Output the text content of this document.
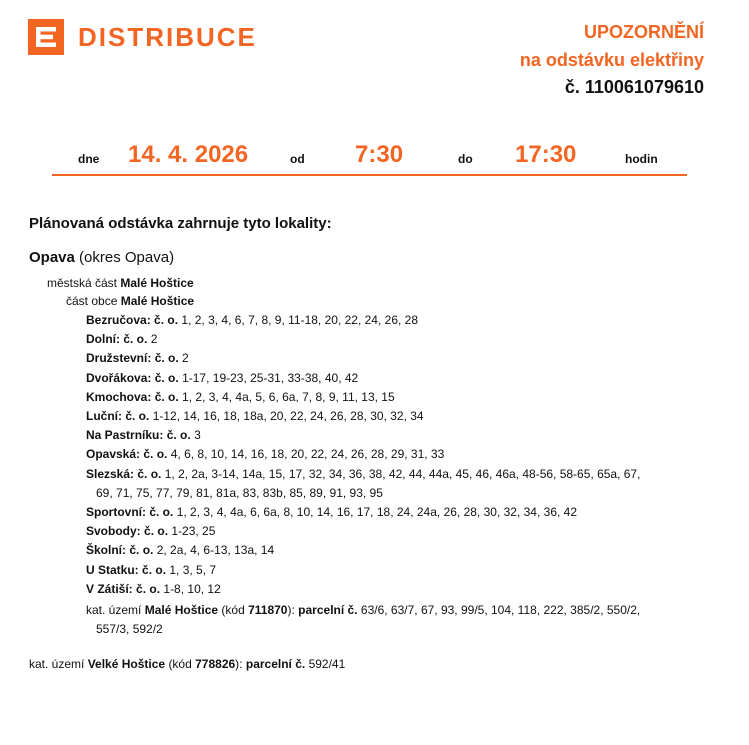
DISTRIBUCE	UPOZORNĚNÍ
na odstávku elektřiny
č. 110061079610
dne 14. 4. 2026	od 7:30	do 17:30	hodin
Plánovaná odstávka zahrnuje tyto lokality:
Opava (okres Opava)
městská část Malé Hoštice
část obce Malé Hoštice
Bezručova: č. o. 1, 2, 3, 4, 6, 7, 8, 9, 11-18, 20, 22, 24, 26, 28
Dolní: č. o. 2
Družstevní: č. o. 2
Dvořákova: č. o. 1-17, 19-23, 25-31, 33-38, 40, 42
Kmochova: č. o. 1, 2, 3, 4, 4a, 5, 6, 6a, 7, 8, 9, 11, 13, 15
Luční: č. o. 1-12, 14, 16, 18, 18a, 20, 22, 24, 26, 28, 30, 32, 34
Na Pastrníku: č. o. 3
Opavská: č. o. 4, 6, 8, 10, 14, 16, 18, 20, 22, 24, 26, 28, 29, 31, 33
Slezská: č. o. 1, 2, 2a, 3-14, 14a, 15, 17, 32, 34, 36, 38, 42, 44, 44a, 45, 46, 46a, 48-56, 58-65, 65a, 67,
69, 71, 75, 77, 79, 81, 81a, 83, 83b, 85, 89, 91, 93, 95
Sportovní: č. o. 1, 2, 3, 4, 4a, 6, 6a, 8, 10, 14, 16, 17, 18, 24, 24a, 26, 28, 30, 32, 34, 36, 42
Svobody: č. o. 1-23, 25
Školní: č. o. 2, 2a, 4, 6-13, 13a, 14
U Statku: č. o. 1, 3, 5, 7
V Zátiší: č. o. 1-8, 10, 12
kat. území Malé Hoštice (kód 711870): parcelní č. 63/6, 63/7, 67, 93, 99/5, 104, 118, 222, 385/2, 550/2,
557/3, 592/2
kat. území Velké Hoštice (kód 778826): parcelní č. 592/41
